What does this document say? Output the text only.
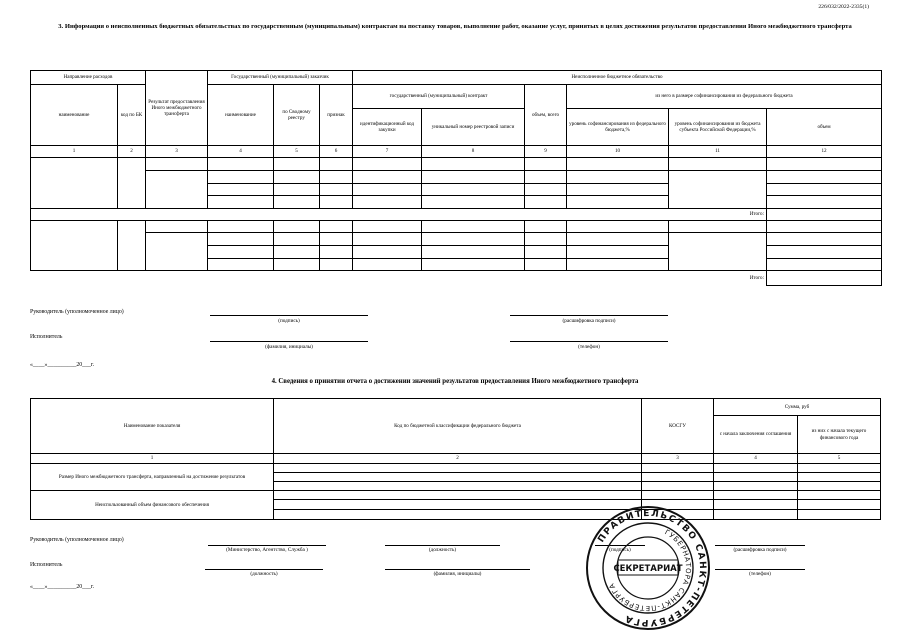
226/032/2022-2335(1)
3. Информация о неисполненных бюджетных обязательствах по государственным (муниципальным) контрактам на поставку товаров, выполнение работ, оказание услуг, принятых в целях достижения результатов предоставления Иного межбюджетного трансферта
Направление расходов		Результат предоставления Иного межбюджетного трансферта	Государственный (муниципальный) заказчик			Неисполненное бюджетное обязательство					
наименование	код по БК		наименование	по Сводному реестру	признак	государственный (муниципальный) контракт		объем, всего	из него в размере софинансирования из федерального бюджета		
						идентификационный код закупки	уникальный номер реестровой записи		уровень софинансирования из федерального бюджета,%	уровень софинансирования из бюджета субъекта Российской Федерации,%	объем
1	2	3	4	5	6	7	8	9	10	11	12

Итого:											

Итого:											
Руководитель (уполномоченное лицо)
(подпись)	(расшифровка подписи)
Исполнитель
(фамилия, инициалы)	(телефон)
«____»__________20___г.
4. Сведения о принятии отчета о достижении значений результатов предоставления Иного межбюджетного трансферта
Наименование показателя	Код по бюджетной классификации федерального бюджета	КОСГУ	Сумма, руб	
			с начала заключения соглашения	из них с начала текущего финансового года
1	2	3	4	5
Размер Иного межбюджетного трансферта, направленный на достижение результатов				

Неиспользованный объем финансового обеспечения				

Руководитель (уполномоченное лицо)
(Министерство, Агентство, Служба )	(должность)	(подпись)	(расшифровка подписи)
Исполнитель
(должность)	(фамилия, инициалы)	(телефон)
«____»__________20___г.
ПРАВИТЕЛЬСТВО САНКТ-ПЕТЕРБУРГА
ГУБЕРНАТОРА САНКТ-ПЕТЕРБУРГА
СЕКРЕТАРИАТ
